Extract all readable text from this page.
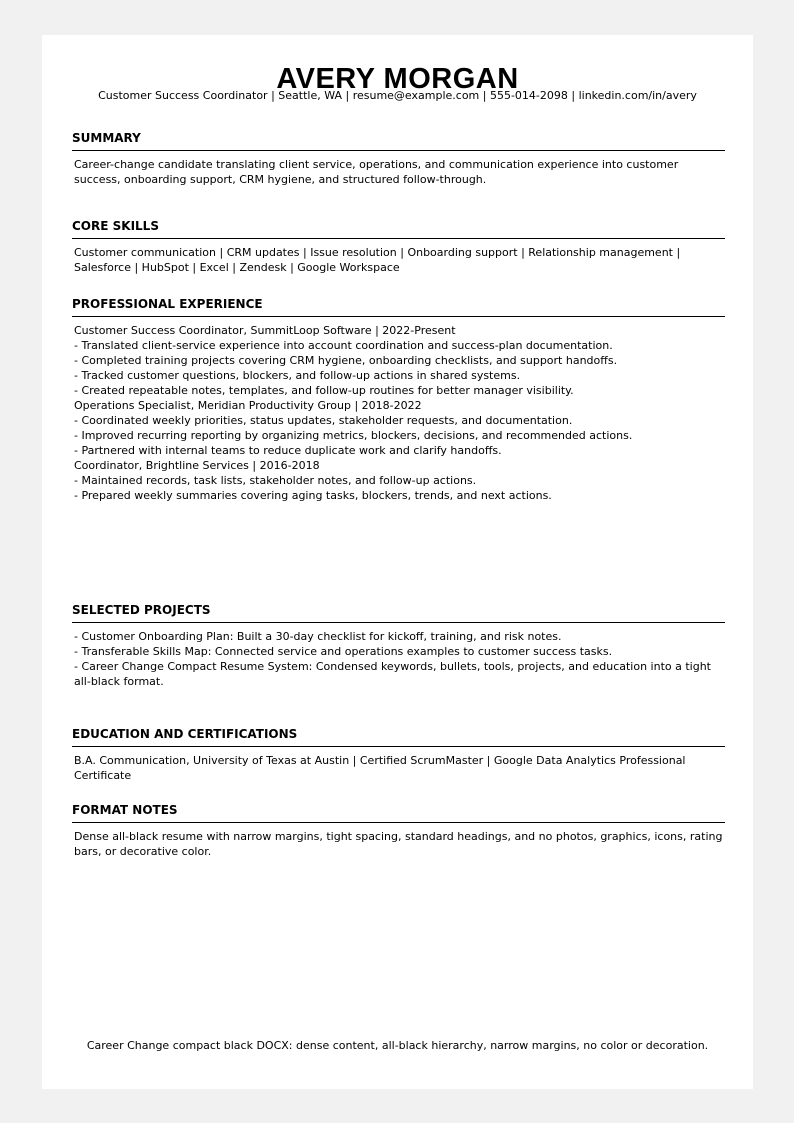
AVERY MORGAN
Customer Success Coordinator | Seattle, WA | resume@example.com | 555-014-2098 | linkedin.com/in/avery
SUMMARY
Career-change candidate translating client service, operations, and communication experience into customer success, onboarding support, CRM hygiene, and structured follow-through.
CORE SKILLS
Customer communication | CRM updates | Issue resolution | Onboarding support | Relationship management | Salesforce | HubSpot | Excel | Zendesk | Google Workspace
PROFESSIONAL EXPERIENCE
Customer Success Coordinator, SummitLoop Software | 2022-Present
- Translated client-service experience into account coordination and success-plan documentation.
- Completed training projects covering CRM hygiene, onboarding checklists, and support handoffs.
- Tracked customer questions, blockers, and follow-up actions in shared systems.
- Created repeatable notes, templates, and follow-up routines for better manager visibility.
Operations Specialist, Meridian Productivity Group | 2018-2022
- Coordinated weekly priorities, status updates, stakeholder requests, and documentation.
- Improved recurring reporting by organizing metrics, blockers, decisions, and recommended actions.
- Partnered with internal teams to reduce duplicate work and clarify handoffs.
Coordinator, Brightline Services | 2016-2018
- Maintained records, task lists, stakeholder notes, and follow-up actions.
- Prepared weekly summaries covering aging tasks, blockers, trends, and next actions.
SELECTED PROJECTS
- Customer Onboarding Plan: Built a 30-day checklist for kickoff, training, and risk notes.
- Transferable Skills Map: Connected service and operations examples to customer success tasks.
- Career Change Compact Resume System: Condensed keywords, bullets, tools, projects, and education into a tight all-black format.
EDUCATION AND CERTIFICATIONS
B.A. Communication, University of Texas at Austin | Certified ScrumMaster | Google Data Analytics Professional Certificate
FORMAT NOTES
Dense all-black resume with narrow margins, tight spacing, standard headings, and no photos, graphics, icons, rating bars, or decorative color.
Career Change compact black DOCX: dense content, all-black hierarchy, narrow margins, no color or decoration.
